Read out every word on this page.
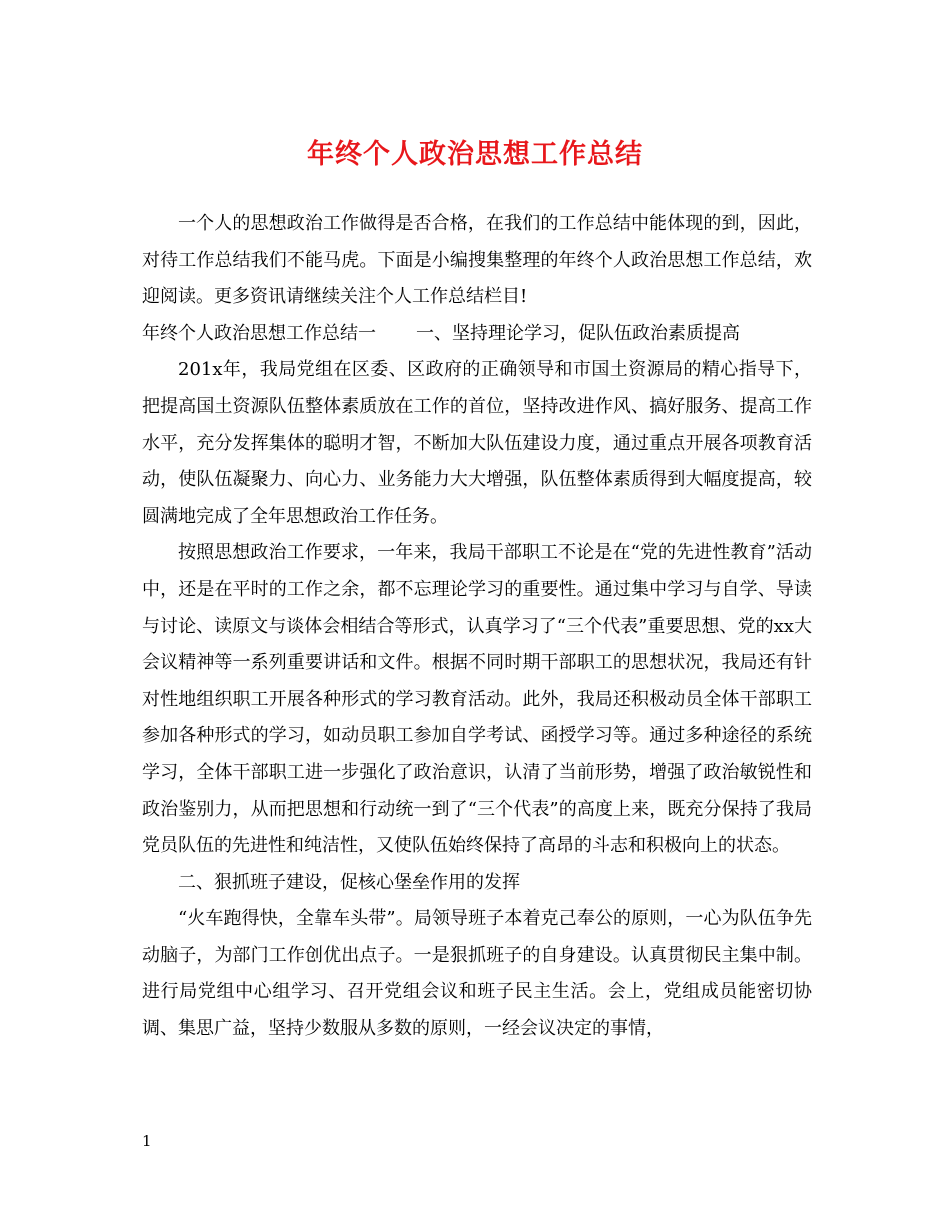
年终个人政治思想工作总结

一个人的思想政治工作做得是否合格，在我们的工作总结中能体现的到，因此，对待工作总结我们不能马虎。下面是小编搜集整理的年终个人政治思想工作总结，欢迎阅读。更多资讯请继续关注个人工作总结栏目!

年终个人政治思想工作总结一 一、坚持理论学习，促队伍政治素质提高

201x年，我局党组在区委、区政府的正确领导和市国土资源局的精心指导下，把提高国土资源队伍整体素质放在工作的首位，坚持改进作风、搞好服务、提高工作水平，充分发挥集体的聪明才智，不断加大队伍建设力度，通过重点开展各项教育活动，使队伍凝聚力、向心力、业务能力大大增强，队伍整体素质得到大幅度提高，较圆满地完成了全年思想政治工作任务。

按照思想政治工作要求，一年来，我局干部职工不论是在“党的先进性教育”活动中，还是在平时的工作之余，都不忘理论学习的重要性。通过集中学习与自学、导读与讨论、读原文与谈体会相结合等形式，认真学习了“三个代表”重要思想、党的xx大会议精神等一系列重要讲话和文件。根据不同时期干部职工的思想状况，我局还有针对性地组织职工开展各种形式的学习教育活动。此外，我局还积极动员全体干部职工参加各种形式的学习，如动员职工参加自学考试、函授学习等。通过多种途径的系统学习，全体干部职工进一步强化了政治意识，认清了当前形势，增强了政治敏锐性和政治鉴别力，从而把思想和行动统一到了“三个代表”的高度上来，既充分保持了我局党员队伍的先进性和纯洁性，又使队伍始终保持了高昂的斗志和积极向上的状态。

二、狠抓班子建设，促核心堡垒作用的发挥

“火车跑得快，全靠车头带”。局领导班子本着克己奉公的原则，一心为队伍争先动脑子，为部门工作创优出点子。一是狠抓班子的自身建设。认真贯彻民主集中制。进行局党组中心组学习、召开党组会议和班子民主生活。会上，党组成员能密切协调、集思广益，坚持少数服从多数的原则，一经会议决定的事情，

1
